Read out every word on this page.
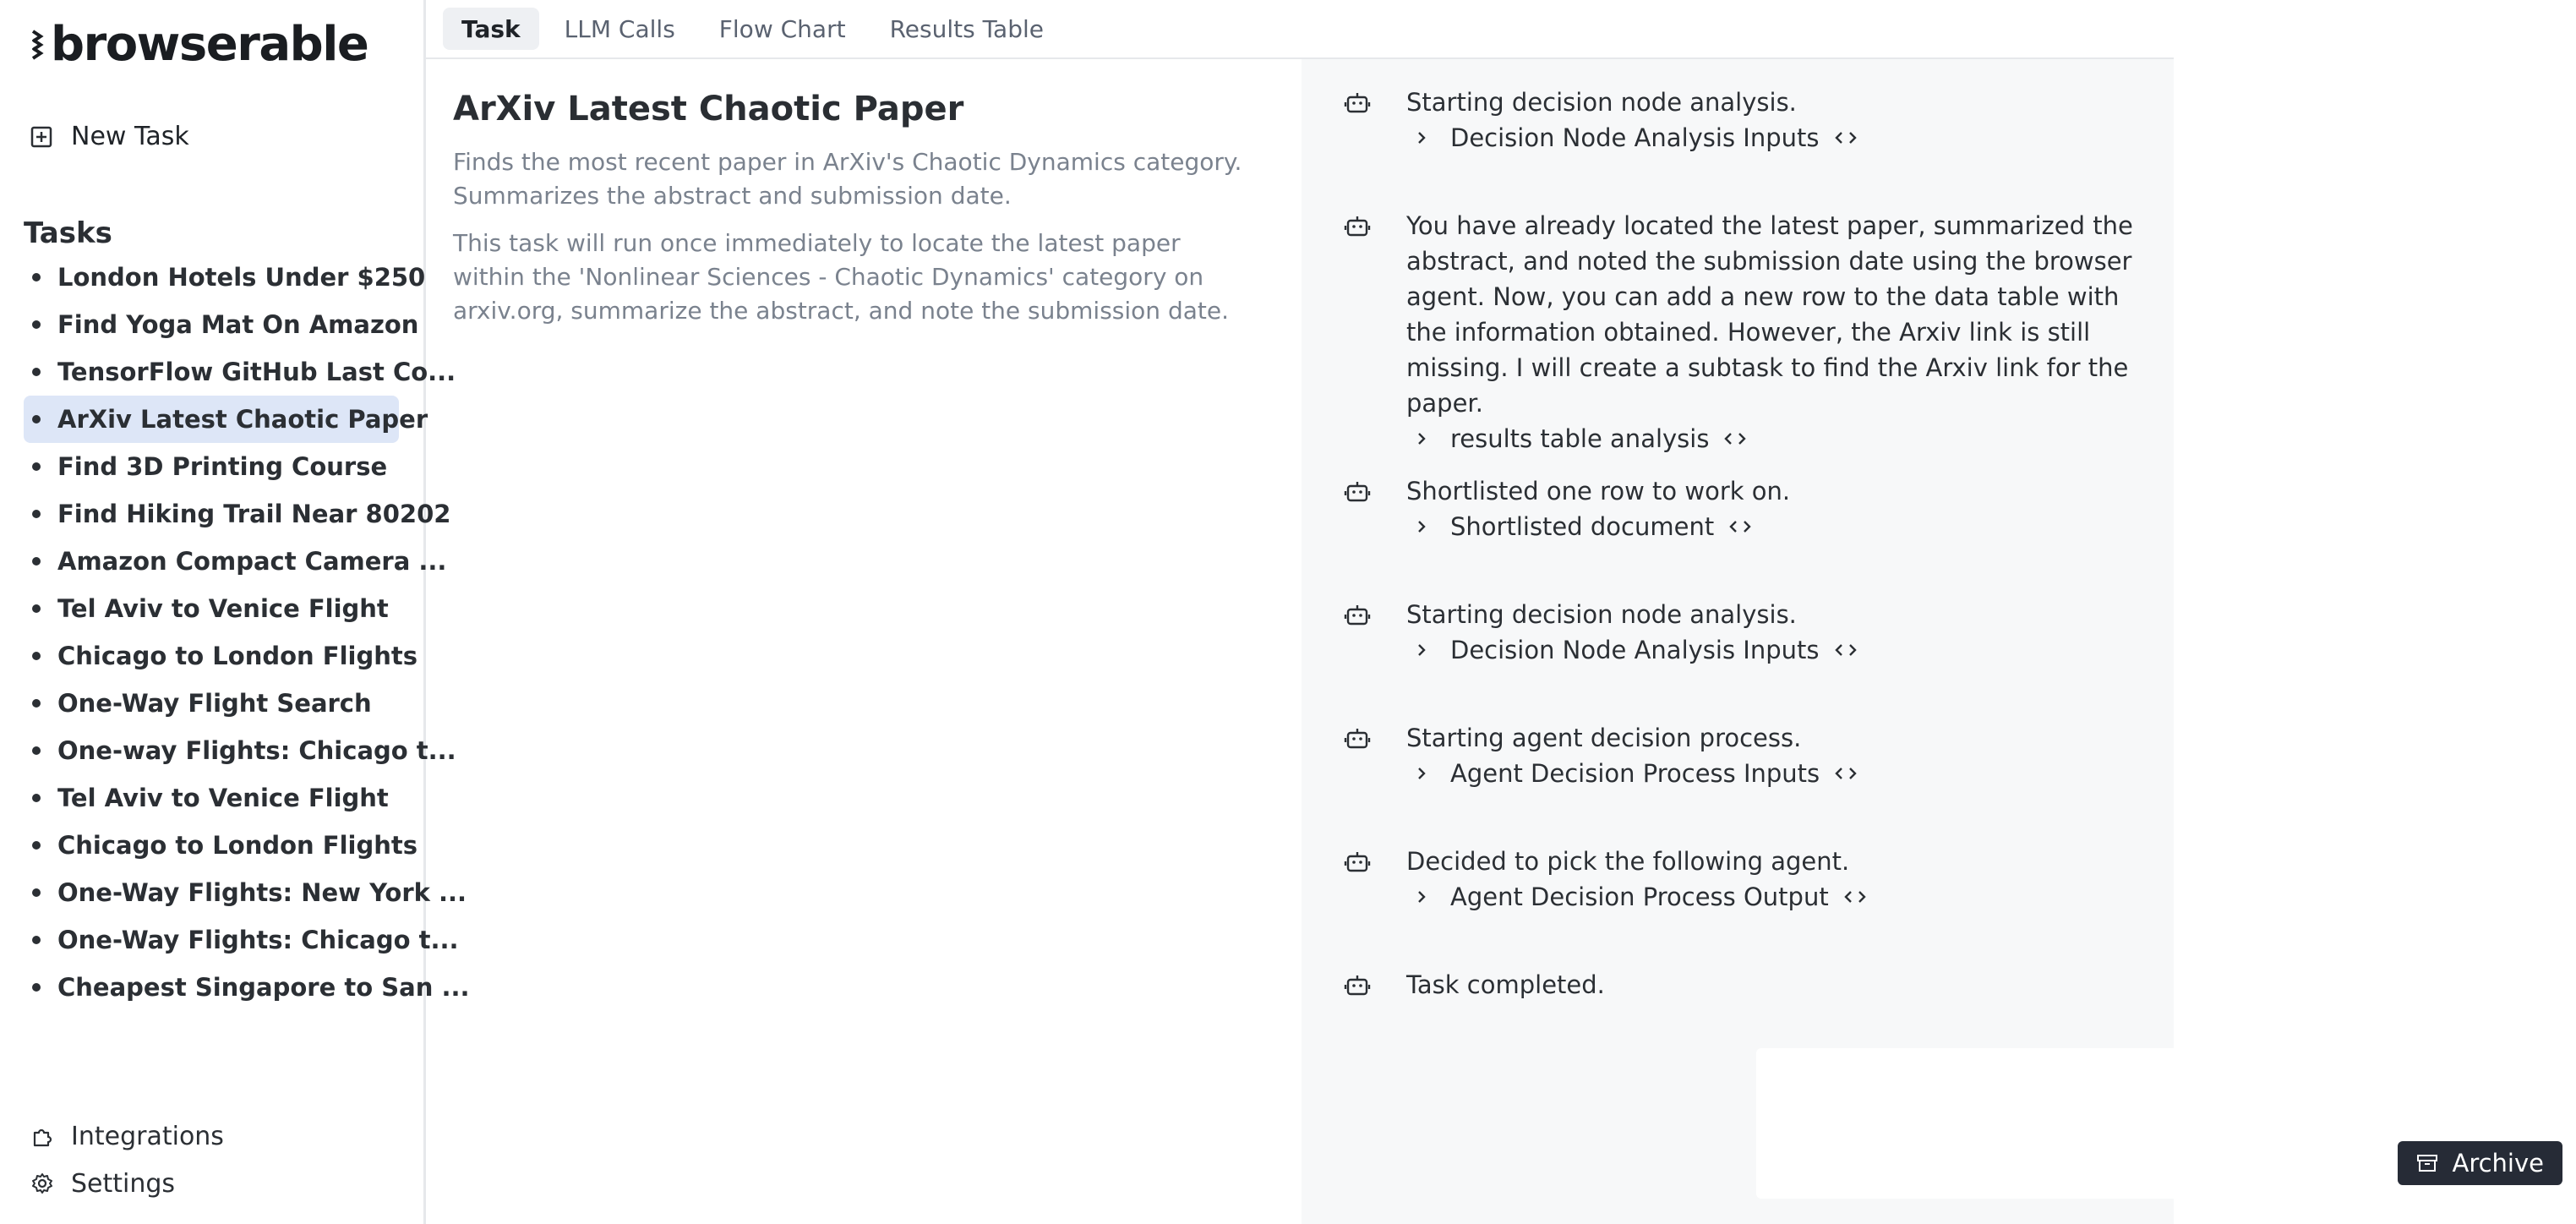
browserable
New Task
Tasks
London Hotels Under $250
Find Yoga Mat On Amazon
TensorFlow GitHub Last Co...
ArXiv Latest Chaotic Paper
Find 3D Printing Course
Find Hiking Trail Near 80202
Amazon Compact Camera ...
Tel Aviv to Venice Flight
Chicago to London Flights
One-Way Flight Search
One-way Flights: Chicago t...
Tel Aviv to Venice Flight
Chicago to London Flights
One-Way Flights: New York ...
One-Way Flights: Chicago t...
Cheapest Singapore to San ...
Integrations
Settings
Task	LLM Calls	Flow Chart	Results Table
ArXiv Latest Chaotic Paper

Finds the most recent paper in ArXiv's Chaotic Dynamics category. Summarizes the abstract and submission date.

This task will run once immediately to locate the latest paper within the 'Nonlinear Sciences - Chaotic Dynamics' category on arxiv.org, summarize the abstract, and note the submission date.

Starting decision node analysis.
Decision Node Analysis Inputs
You have already located the latest paper, summarized the abstract, and noted the submission date using the browser agent. Now, you can add a new row to the data table with the information obtained. However, the Arxiv link is still missing. I will create a subtask to find the Arxiv link for the paper.
results table analysis
Shortlisted one row to work on.
Shortlisted document
Starting decision node analysis.
Decision Node Analysis Inputs
Starting agent decision process.
Agent Decision Process Inputs
Decided to pick the following agent.
Agent Decision Process Output
Task completed.
Archive
